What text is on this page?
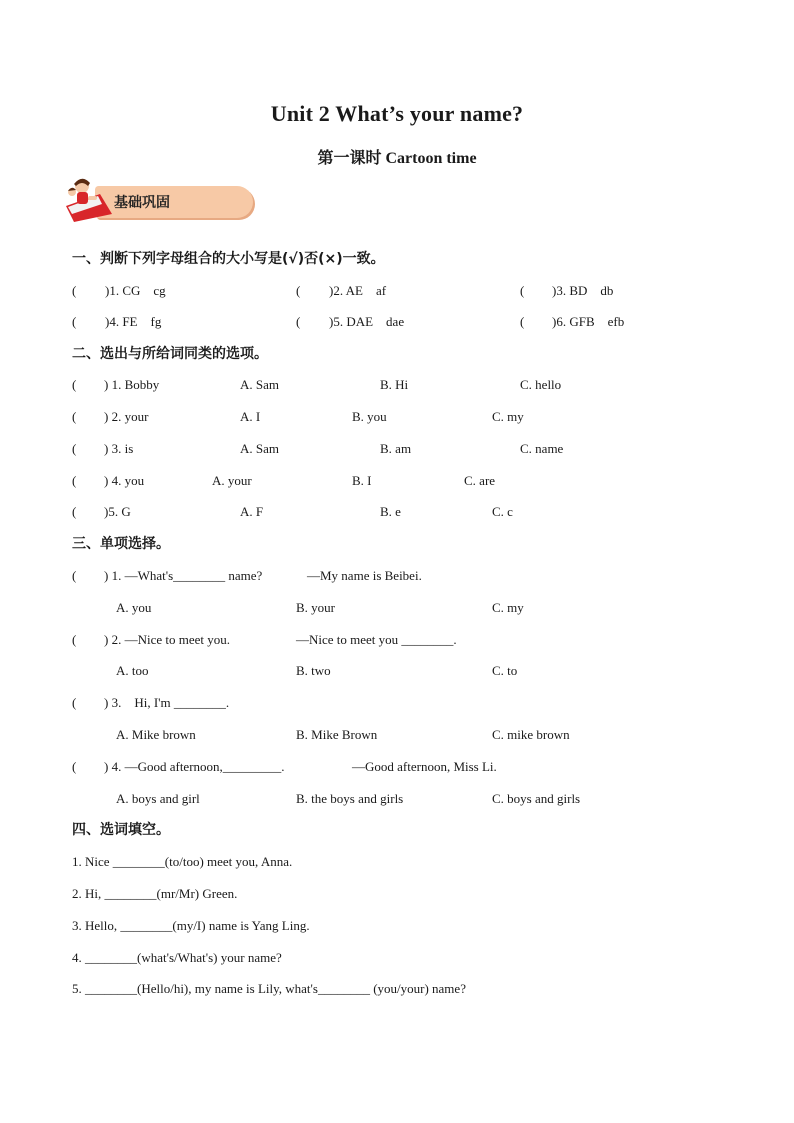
Unit 2 What’s your name?
第一课时 Cartoon time
基础巩固
一、判断下列字母组合的大小写是(√)否(×)一致。
( )1. CG    cg	( )2. AE    af	( )3. BD    db
( )4. FE    fg	( )5. DAE    dae	( )6. GFB    efb
二、选出与所给词同类的选项。
( ) 1. Bobby	A. Sam	B. Hi	C. hello
( ) 2. your	A. I	B. you	C. my
( ) 3. is	A. Sam	B. am	C. name
( ) 4. you	A. your	B. I	C. are
( )5. G	A. F	B. e	C. c
三、单项选择。
( ) 1. —What's________ name?	—My name is Beibei.
A. you	B. your	C. my
( ) 2. —Nice to meet you.	—Nice to meet you ________.
A. too	B. two	C. to
( ) 3.    Hi, I'm ________.
A. Mike brown	B. Mike Brown	C. mike brown
( ) 4. —Good afternoon,_________.	—Good afternoon, Miss Li.
A. boys and girl	B. the boys and girls	C. boys and girls
四、选词填空。
1. Nice ________(to/too) meet you, Anna.
2. Hi, ________(mr/Mr) Green.
3. Hello, ________(my/I) name is Yang Ling.
4. ________(what's/What's) your name?
5. ________(Hello/hi), my name is Lily, what's________ (you/your) name?
